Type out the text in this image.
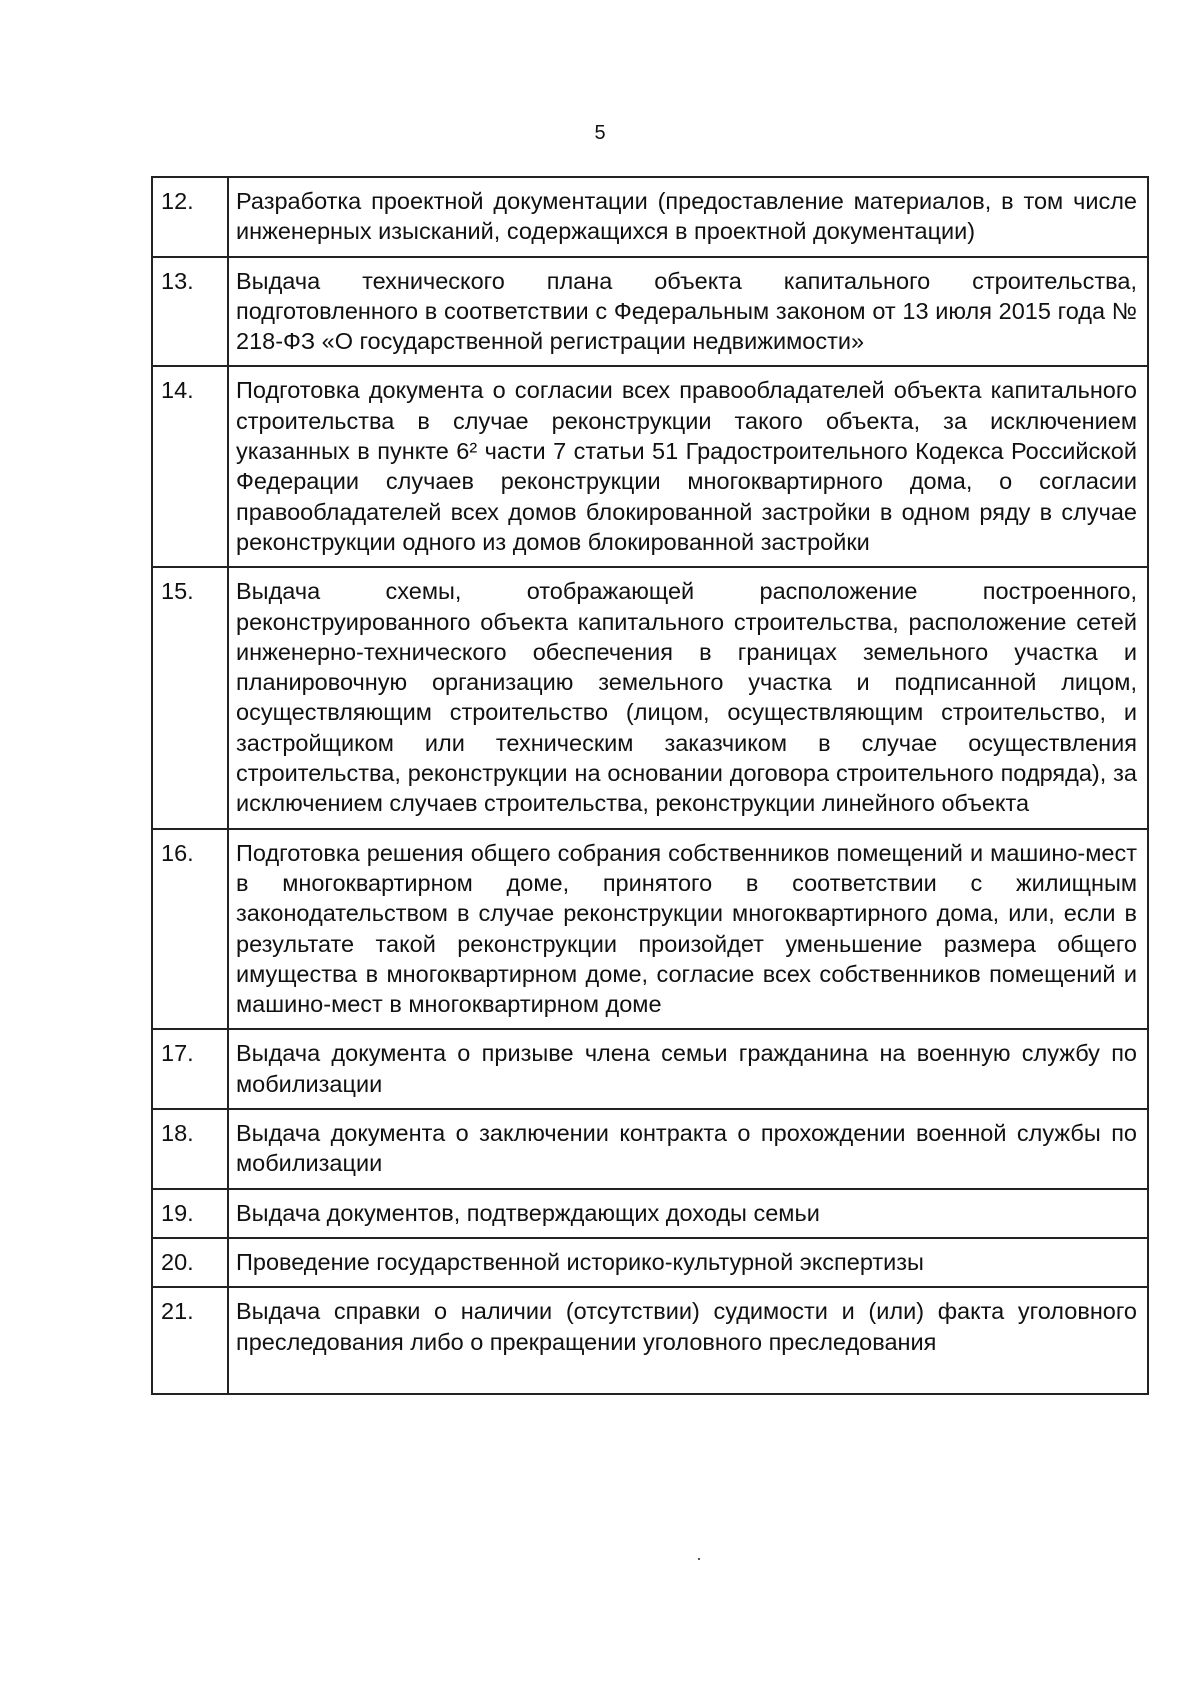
5
12.	Разработка проектной документации (предоставление материалов, в том числе инженерных изысканий, содержащихся в проектной документации)
13.	Выдача технического плана объекта капитального строительства, подготовленного в соответствии с Федеральным законом от 13 июля 2015 года № 218-ФЗ «О государственной регистрации недвижимости»
14.	Подготовка документа о согласии всех правообладателей объекта капитального строительства в случае реконструкции такого объекта, за исключением указанных в пункте 6² части 7 статьи 51 Градостроительного Кодекса Российской Федерации случаев реконструкции многоквартирного дома, о согласии правообладателей всех домов блокированной застройки в одном ряду в случае реконструкции одного из домов блокированной застройки
15.	Выдача схемы, отображающей расположение построенного, реконструированного объекта капитального строительства, расположение сетей инженерно-технического обеспечения в границах земельного участка и планировочную организацию земельного участка и подписанной лицом, осуществляющим строительство (лицом, осуществляющим строительство, и застройщиком или техническим заказчиком в случае осуществления строительства, реконструкции на основании договора строительного подряда), за исключением случаев строительства, реконструкции линейного объекта
16.	Подготовка решения общего собрания собственников помещений и машино-мест в многоквартирном доме, принятого в соответствии с жилищным законодательством в случае реконструкции многоквартирного дома, или, если в результате такой реконструкции произойдет уменьшение размера общего имущества в многоквартирном доме, согласие всех собственников помещений и машино-мест в многоквартирном доме
17.	Выдача документа о призыве члена семьи гражданина на военную службу по мобилизации
18.	Выдача документа о заключении контракта о прохождении военной службы по мобилизации
19.	Выдача документов, подтверждающих доходы семьи
20.	Проведение государственной историко-культурной экспертизы
21.	Выдача справки о наличии (отсутствии) судимости и (или) факта уголовного преследования либо о прекращении уголовного преследования
